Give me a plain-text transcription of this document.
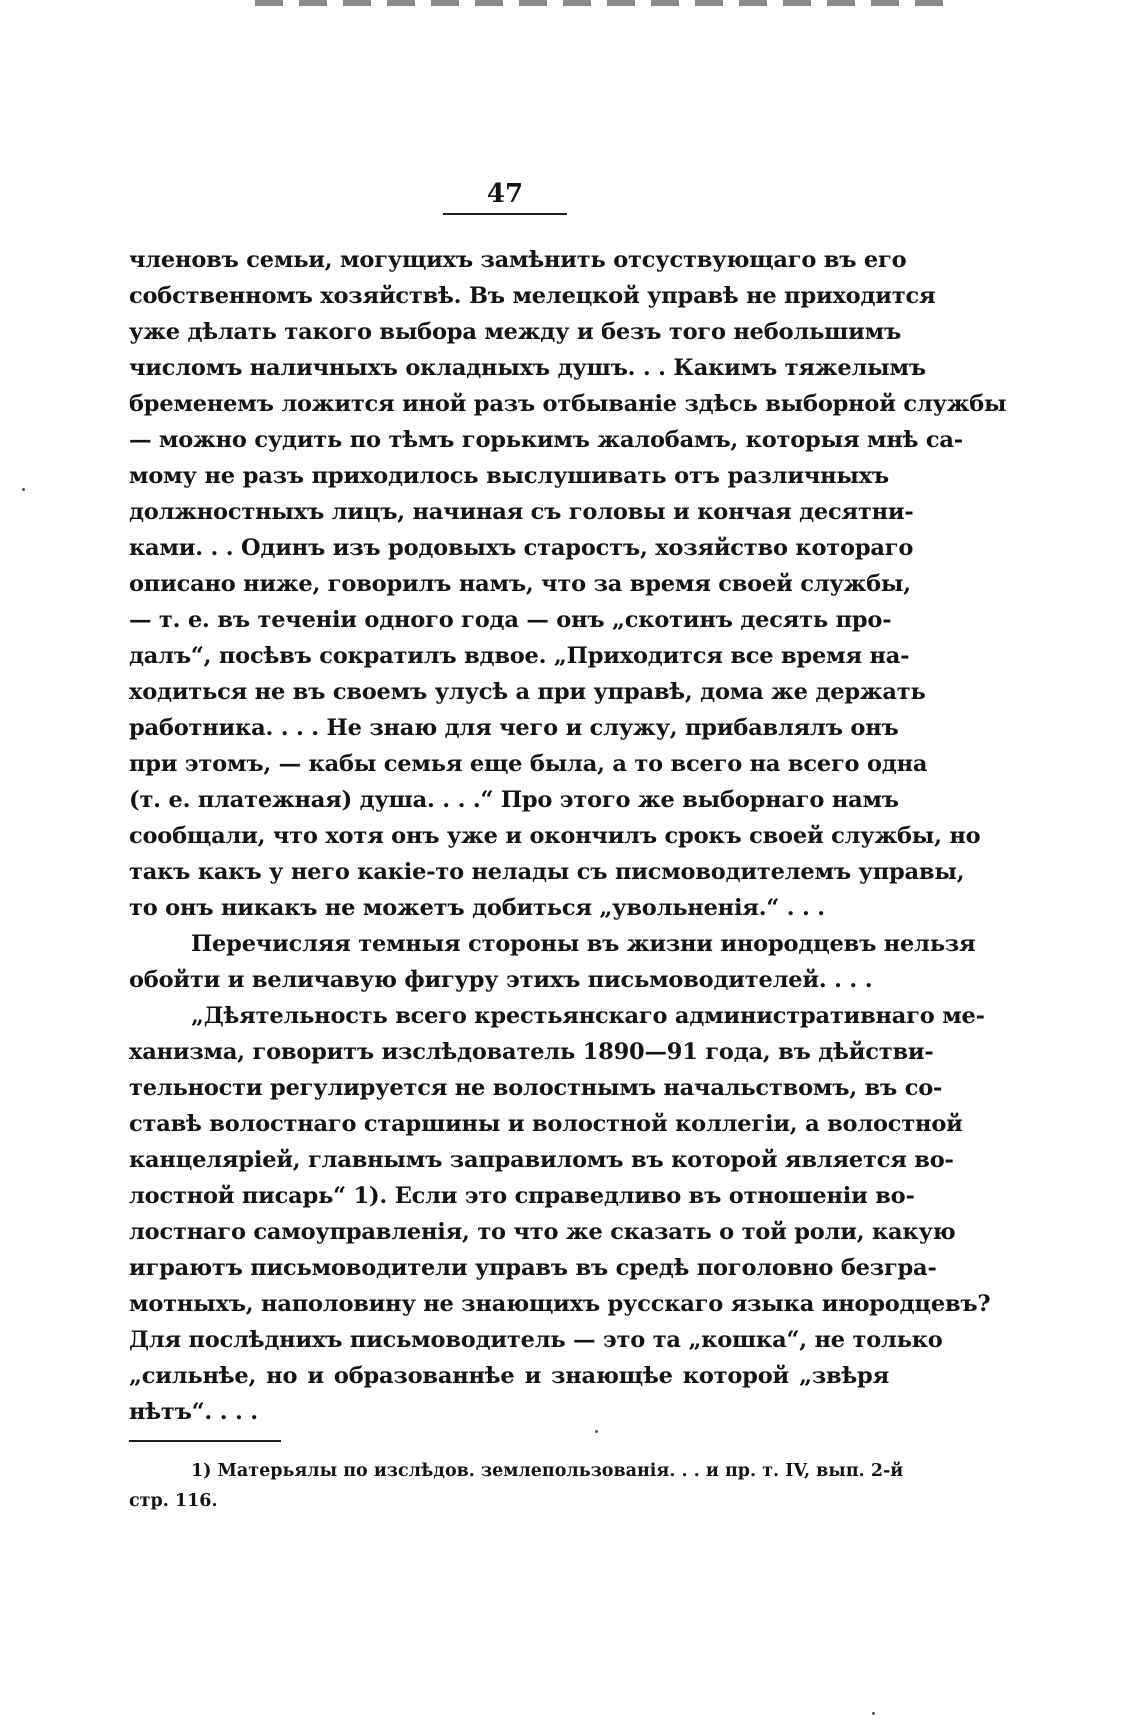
47
членовъ семьи, могущихъ замѣнить отсуствующаго въ его
собственномъ хозяйствѣ. Въ мелецкой управѣ не приходится
уже дѣлать такого выбора между и безъ того небольшимъ
числомъ наличныхъ окладныхъ душъ. . . Какимъ тяжелымъ
бременемъ ложится иной разъ отбываніе здѣсь выборной службы
— можно судить по тѣмъ горькимъ жалобамъ, которыя мнѣ са-
мому не разъ приходилось выслушивать отъ различныхъ
должностныхъ лицъ, начиная съ головы и кончая десятни-
ками. . . Одинъ изъ родовыхъ старостъ, хозяйство котораго
описано ниже, говорилъ намъ, что за время своей службы,
— т. е. въ теченіи одного года — онъ „скотинъ десять про-
далъ“, посѣвъ сократилъ вдвое. „Приходится все время на-
ходиться не въ своемъ улусѣ а при управѣ, дома же держать
работника. . . . Не знаю для чего и служу, прибавлялъ онъ
при этомъ, — кабы семья еще была, а то всего на всего одна
(т. е. платежная) душа. . . .“ Про этого же выборнаго намъ
сообщали, что хотя онъ уже и окончилъ срокъ своей службы, но
такъ какъ у него какіе-то нелады съ писмоводителемъ управы,
то онъ никакъ не можетъ добиться „увольненія.“ . . .
Перечисляя темныя стороны въ жизни инородцевъ нельзя
обойти и величавую фигуру этихъ письмоводителей. . . .
„Дѣятельность всего крестьянскаго административнаго ме-
ханизма, говоритъ изслѣдователь 1890—91 года, въ дѣйстви-
тельности регулируется не волостнымъ начальствомъ, въ со-
ставѣ волостнаго старшины и волостной коллегіи, а волостной
канцеляріей, главнымъ заправиломъ въ которой является во-
лостной писарь“ 1). Если это справедливо въ отношеніи во-
лостнаго самоуправленія, то что же сказать о той роли, какую
играютъ письмоводители управъ въ средѣ поголовно безгра-
мотныхъ, наполовину не знающихъ русскаго языка инородцевъ?
Для послѣднихъ письмоводитель — это та „кошка“, не только
„сильнѣе, но и образованнѣе и знающѣе которой „звѣря
нѣтъ“. . . .
1) Матерьялы по изслѣдов. землепользованія. . . и пр. т. IV, вып. 2-й
стр. 116.
